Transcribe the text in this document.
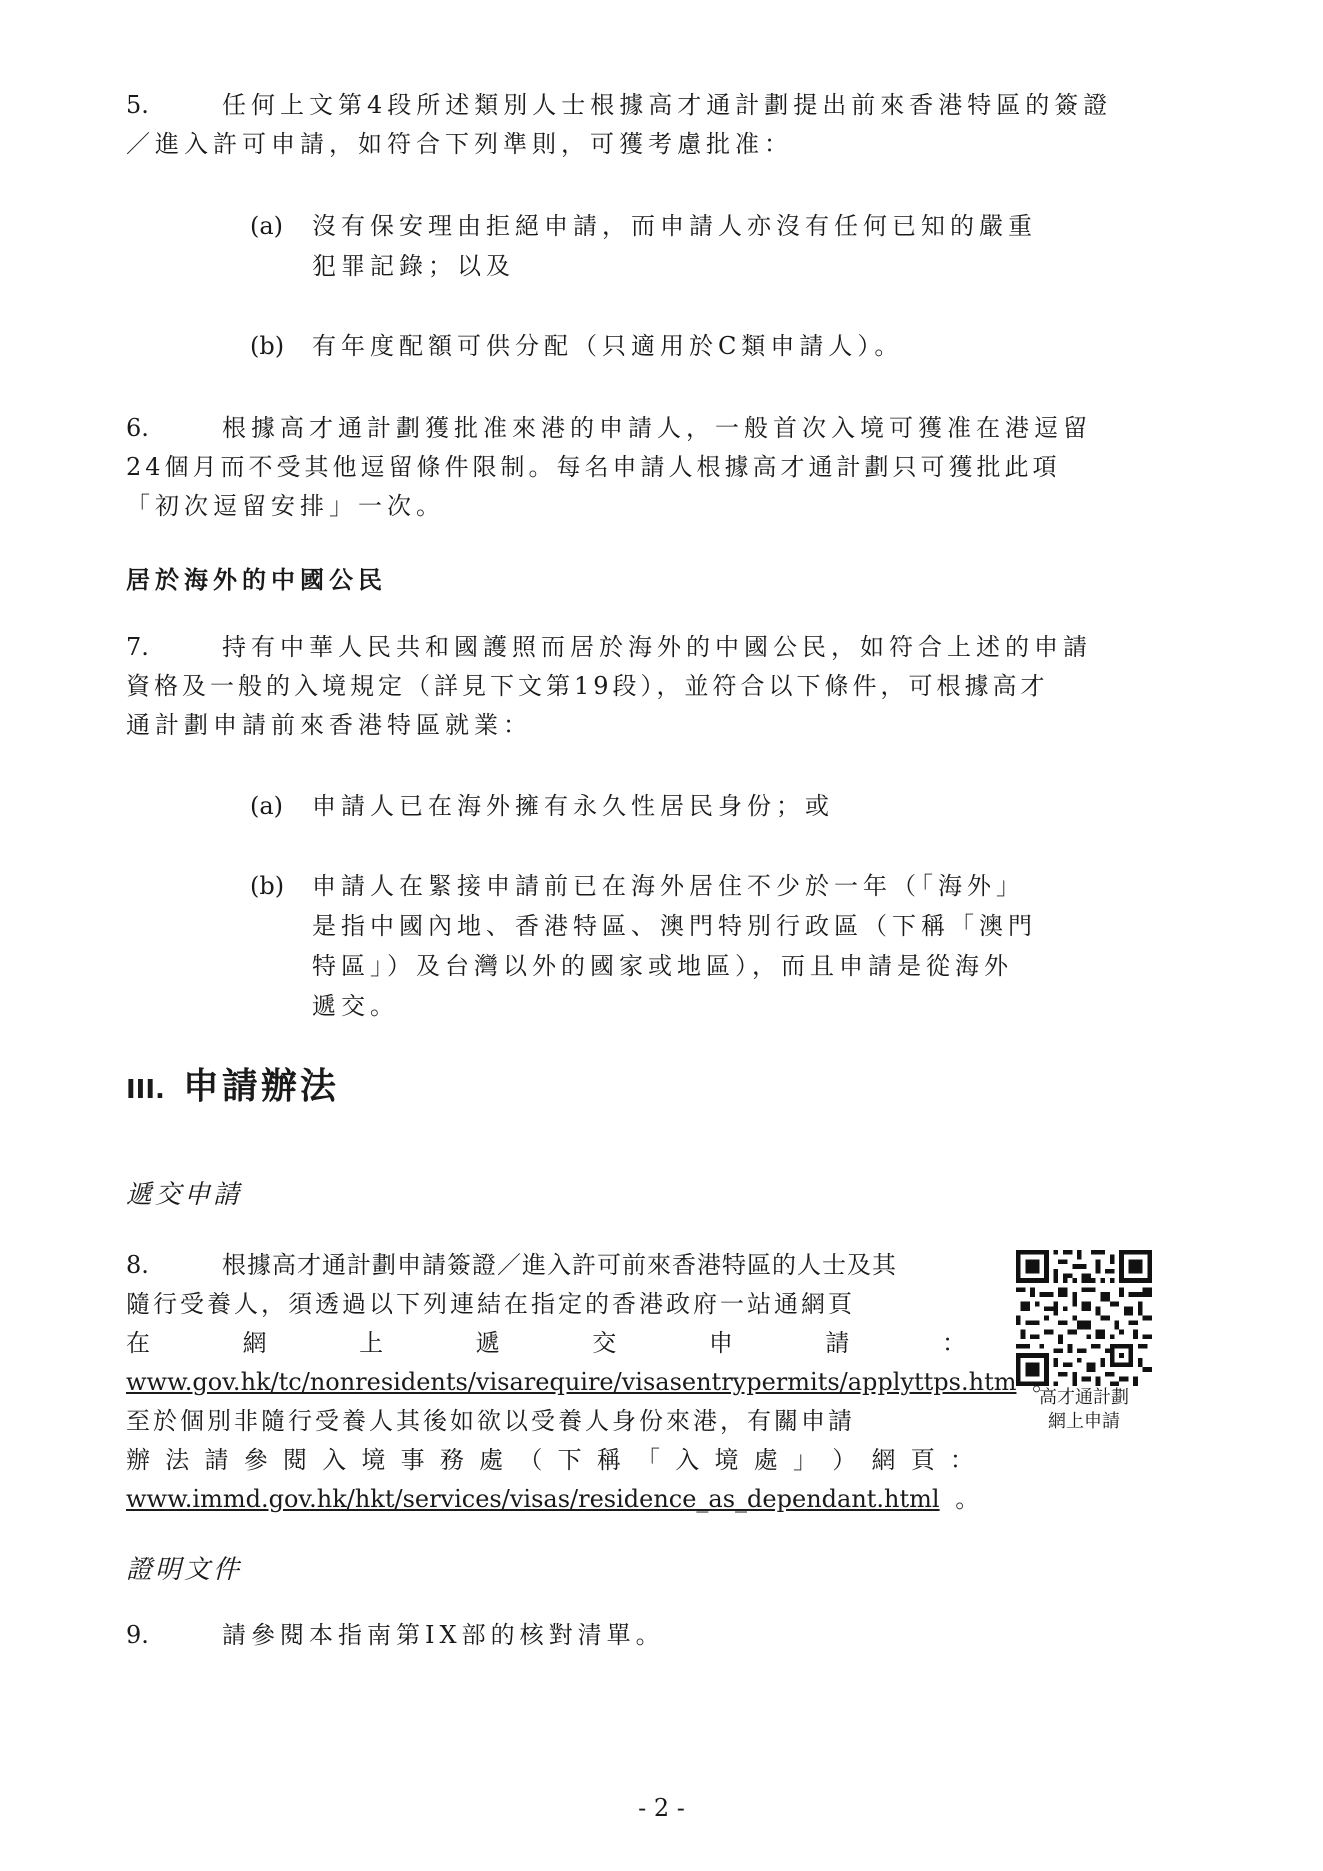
5.	任何上文第4段所述類別人士根據高才通計劃提出前來香港特區的簽證
／進入許可申請，如符合下列準則，可獲考慮批准：
(a) 沒有保安理由拒絕申請，而申請人亦沒有任何已知的嚴重
犯罪記錄；以及
(b) 有年度配額可供分配（只適用於C類申請人）。
6.	根據高才通計劃獲批准來港的申請人，一般首次入境可獲准在港逗留
24個月而不受其他逗留條件限制。每名申請人根據高才通計劃只可獲批此項
「初次逗留安排」一次。
居於海外的中國公民
7.	持有中華人民共和國護照而居於海外的中國公民，如符合上述的申請
資格及一般的入境規定（詳見下文第19段），並符合以下條件，可根據高才
通計劃申請前來香港特區就業：
(a) 申請人已在海外擁有永久性居民身份；或
(b) 申請人在緊接申請前已在海外居住不少於一年（「海外」
是指中國內地、香港特區、澳門特別行政區（下稱「澳門
特區」）及台灣以外的國家或地區），而且申請是從海外
遞交。
III. 申請辦法
遞交申請
8.	根據高才通計劃申請簽證／進入許可前來香港特區的人士及其
隨行受養人，須透過以下列連結在指定的香港政府一站通網頁
在	網	上	遞	交	申	請	：
www.gov.hk/tc/nonresidents/visarequire/visasentrypermits/applyttps.htm
至於個別非隨行受養人其後如欲以受養人身份來港，有關申請
辦 法 請 參 閱 入 境 事 務 處 （ 下 稱 「 入 境 處 」 ） 網 頁 ：
www.immd.gov.hk/hkt/services/visas/residence_as_dependant.html 。
高才通計劃
網上申請
證明文件
9.	請參閱本指南第IX部的核對清單。
- 2 -
